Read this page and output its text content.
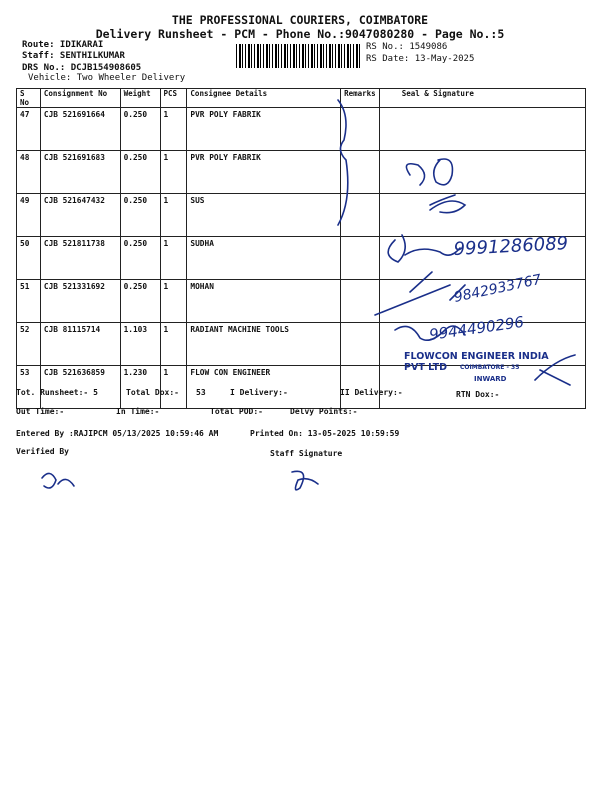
THE PROFESSIONAL COURIERS, COIMBATORE
Delivery Runsheet - PCM - Phone No.:9047080280 - Page No.:5
Route: IDIKARAI
Staff: SENTHILKUMAR
DRS No.: DCJB154908605
Vehicle: Two Wheeler Delivery
RS No.: 1549086
RS Date: 13-May-2025
S No	Consignment No	Weight	PCS	Consignee Details	Remarks	Seal & Signature
47	CJB 521691664	0.250	1	PVR POLY FABRIK		
48	CJB 521691683	0.250	1	PVR POLY FABRIK		
49	CJB 521647432	0.250	1	SUS		
50	CJB 521811738	0.250	1	SUDHA		
51	CJB 521331692	0.250	1	MOHAN		
52	CJB 81115714	1.103	1	RADIANT MACHINE TOOLS		
53	CJB 521636859	1.230	1	FLOW CON ENGINEER		
FLOWCON ENGINEER INDIA PVT LTD	COIMBATORE - 35
INWARD
9991286089
9842933767
9944490296
Tot. Runsheet:- 5	Total Dox:- 53	I Delivery:-	II Delivery:-	RTN Dox:-
Out Time:-	In Time:-	Total POD:-	Delvy Points:-
Entered By :RAJIPCM 05/13/2025 10:59:46 AM	Printed On: 13-05-2025 10:59:59
Verified By	Staff Signature
